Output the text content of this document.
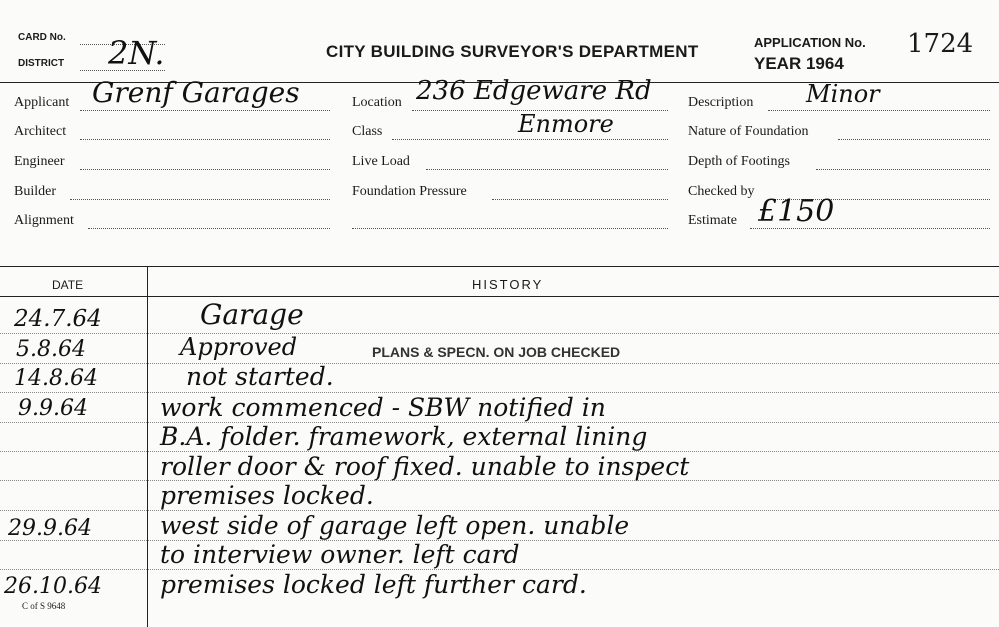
CARD No.
DISTRICT 2N.	CITY BUILDING SURVEYOR'S DEPARTMENT	APPLICATION No. 1724
YEAR 1964
Applicant Grenf Garages
Architect
Engineer
Builder
Alignment
Location 236 Edgeware Rd
Class	Enmore
Live Load
Foundation Pressure
Description Minor
Nature of Foundation
Depth of Footings
Checked by
Estimate £150
DATE	HISTORY
24.7.64	Garage
5.8.64	Approved	PLANS & SPECN. ON JOB CHECKED
14.8.64	not started.
9.9.64	work commenced - SBW notified in
B.A. folder. framework, external lining
roller door & roof fixed. unable to inspect
premises locked.
29.9.64	west side of garage left open. unable
to interview owner. left card
26.10.64 premises locked left further card.
C of S 9648
